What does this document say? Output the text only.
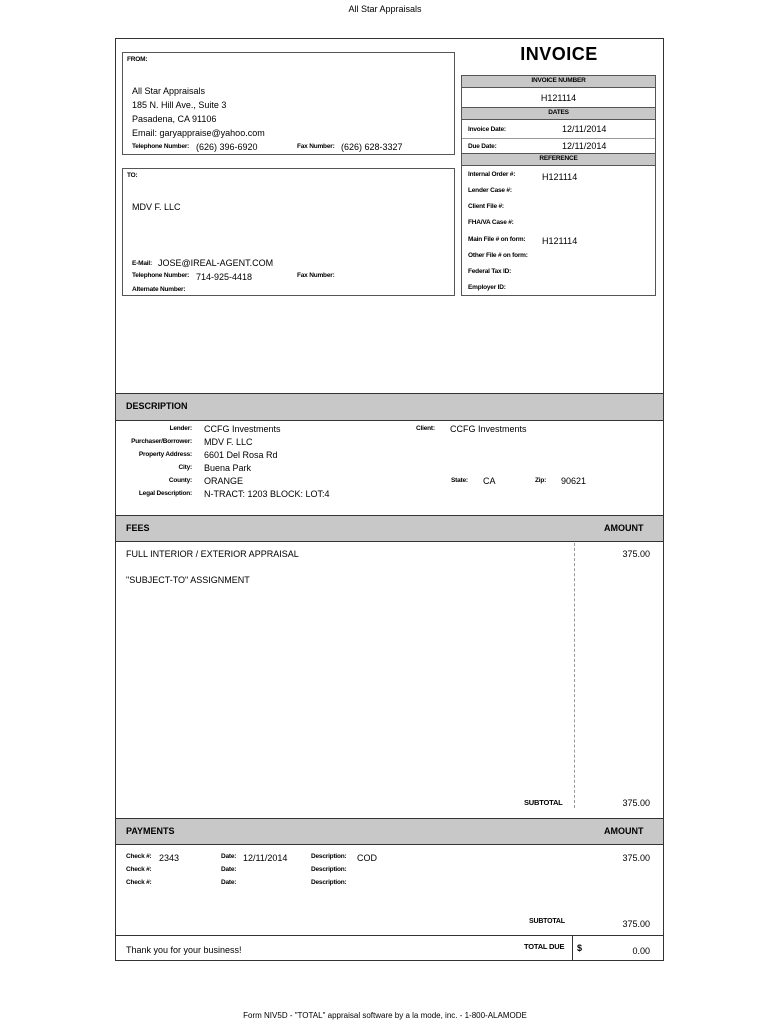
All Star Appraisals
INVOICE
FROM:
All Star Appraisals
185 N. Hill Ave., Suite 3
Pasadena, CA 91106
Email: garyappraise@yahoo.com
Telephone Number: (626) 396-6920	Fax Number: (626) 628-3327
TO:
MDV F. LLC
E-Mail: JOSE@IREAL-AGENT.COM
Telephone Number: 714-925-4418	Fax Number:
Alternate Number:
INVOICE NUMBER
H121114
DATES
Invoice Date:	12/11/2014
Due Date:	12/11/2014
REFERENCE
Internal Order #:	H121114
Lender Case #:
Client File #:
FHA/VA Case #:
Main File # on form: H121114
Other File # on form:
Federal Tax ID:
Employer ID:
DESCRIPTION
Lender: CCFG Investments	Client: CCFG Investments
Purchaser/Borrower: MDV F. LLC
Property Address: 6601 Del Rosa Rd
City: Buena Park
County: ORANGE	State: CA	Zip: 90621
Legal Description: N-TRACT: 1203 BLOCK: LOT:4
FEES	AMOUNT
FULL INTERIOR / EXTERIOR APPRAISAL	375.00
"SUBJECT-TO" ASSIGNMENT
SUBTOTAL	375.00
PAYMENTS	AMOUNT
Check #: 2343	Date: 12/11/2014	Description: COD	375.00
Check #:	Date:	Description:
Check #:	Date:	Description:
SUBTOTAL	375.00
Thank you for your business!	TOTAL DUE $	0.00
Form NIV5D - "TOTAL" appraisal software by a la mode, inc. - 1-800-ALAMODE
